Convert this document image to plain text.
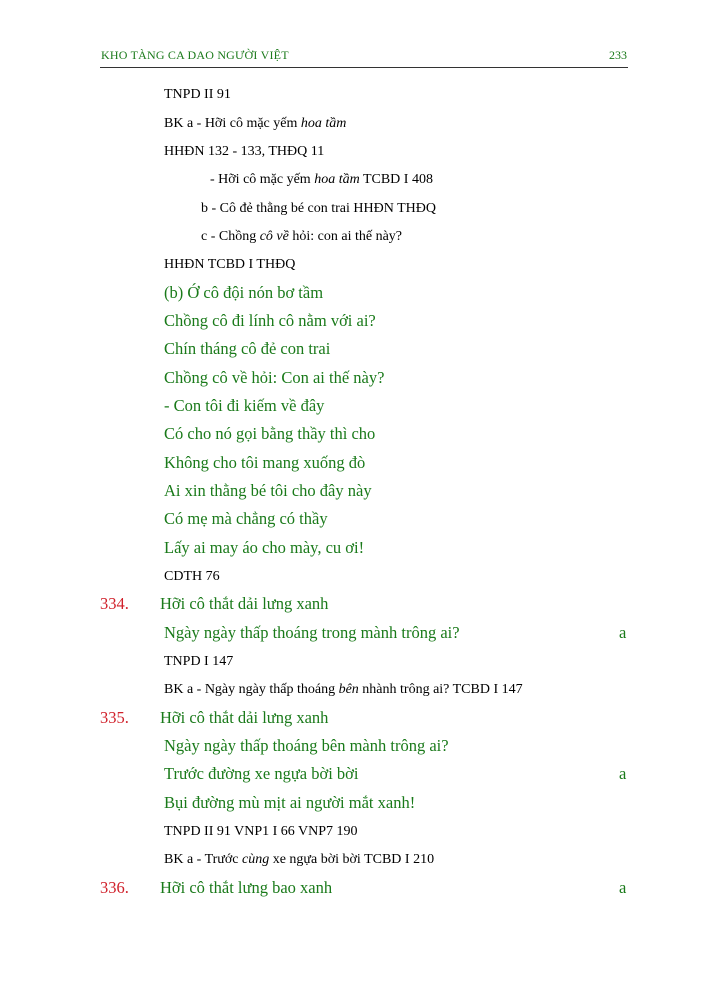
KHO TÀNG CA DAO NGƯỜI VIỆT	233
TNPD II 91
BK a - Hỡi cô mặc yếm hoa tầm
HHĐN 132 - 133, THĐQ 11
- Hỡi cô mặc yếm hoa tầm TCBD I 408
b - Cô đẻ thằng bé con trai HHĐN THĐQ
c - Chồng cô về hỏi: con ai thế này?
HHĐN TCBD I THĐQ
(b) Ớ cô đội nón bơ tầm
Chồng cô đi lính cô nằm với ai?
Chín tháng cô đẻ con trai
Chồng cô về hỏi: Con ai thế này?
- Con tôi đi kiếm về đây
Có cho nó gọi bằng thầy thì cho
Không cho tôi mang xuống đò
Ai xin thằng bé tôi cho đây này
Có mẹ mà chẳng có thầy
Lấy ai may áo cho mày, cu ơi!
CDTH 76
334. Hỡi cô thắt dải lưng xanh
Ngày ngày thấp thoáng trong mành trông ai?	a
TNPD I 147
BK a - Ngày ngày thấp thoáng bên nhành trông ai? TCBD I 147
335. Hỡi cô thắt dải lưng xanh
Ngày ngày thấp thoáng bên mành trông ai?
Trước đường xe ngựa bời bời	a
Bụi đường mù mịt ai người mắt xanh!
TNPD II 91 VNP1 I 66 VNP7 190
BK a - Trước cùng xe ngựa bời bời TCBD I 210
336. Hỡi cô thắt lưng bao xanh	a
